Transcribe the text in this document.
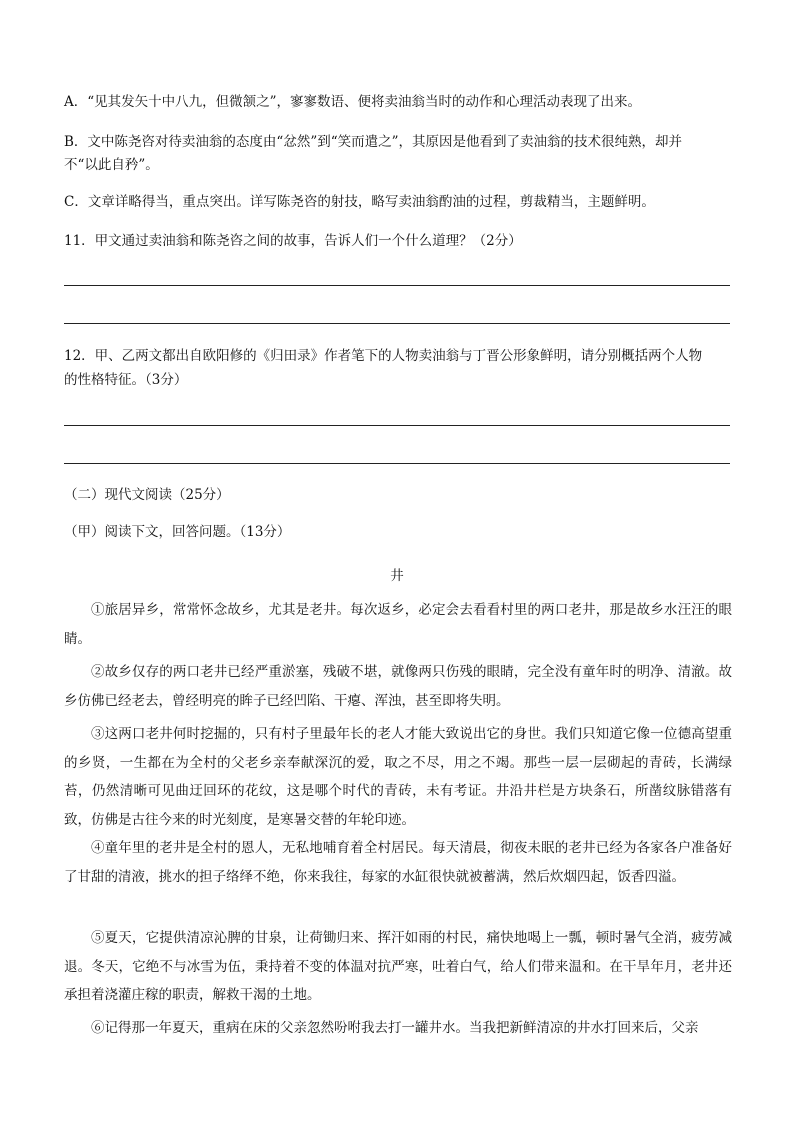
A．“见其发矢十中八九，但微颔之”，寥寥数语、便将卖油翁当时的动作和心理活动表现了出来。
B．文中陈尧咨对待卖油翁的态度由“忿然”到“笑而遣之”，其原因是他看到了卖油翁的技术很纯熟，却并
不“以此自矜”。
C．文章详略得当，重点突出。详写陈尧咨的射技，略写卖油翁酌油的过程，剪裁精当，主题鲜明。
11．甲文通过卖油翁和陈尧咨之间的故事，告诉人们一个什么道理？（2分）
12．甲、乙两文都出自欧阳修的《归田录》作者笔下的人物卖油翁与丁晋公形象鲜明，请分别概括两个人物
的性格特征。（3分）
（二）现代文阅读（25分）
（甲）阅读下文，回答问题。（13分）
井
①旅居异乡，常常怀念故乡，尤其是老井。每次返乡，必定会去看看村里的两口老井，那是故乡水汪汪的眼睛。
②故乡仅存的两口老井已经严重淤塞，残破不堪，就像两只伤残的眼睛，完全没有童年时的明净、清澈。故乡仿佛已经老去，曾经明亮的眸子已经凹陷、干瘪、浑浊，甚至即将失明。
③这两口老井何时挖掘的，只有村子里最年长的老人才能大致说出它的身世。我们只知道它像一位德高望重的乡贤，一生都在为全村的父老乡亲奉献深沉的爱，取之不尽，用之不竭。那些一层一层砌起的青砖，长满绿苔，仍然清晰可见曲迂回环的花纹，这是哪个时代的青砖，未有考证。井沿井栏是方块条石，所凿纹脉错落有致，仿佛是古往今来的时光刻度，是寒暑交替的年轮印迹。
④童年里的老井是全村的恩人，无私地哺育着全村居民。每天清晨，彻夜未眠的老井已经为各家各户准备好了甘甜的清液，挑水的担子络绎不绝，你来我往，每家的水缸很快就被蓄满，然后炊烟四起，饭香四溢。
⑤夏天，它提供清凉沁脾的甘泉，让荷锄归来、挥汗如雨的村民，痛快地喝上一瓢，顿时暑气全消，疲劳减退。冬天，它绝不与冰雪为伍，秉持着不变的体温对抗严寒，吐着白气，给人们带来温和。在干旱年月，老井还承担着浇灌庄稼的职责，解救干渴的土地。
⑥记得那一年夏天，重病在床的父亲忽然吩咐我去打一罐井水。当我把新鲜清凉的井水打回来后，父亲
